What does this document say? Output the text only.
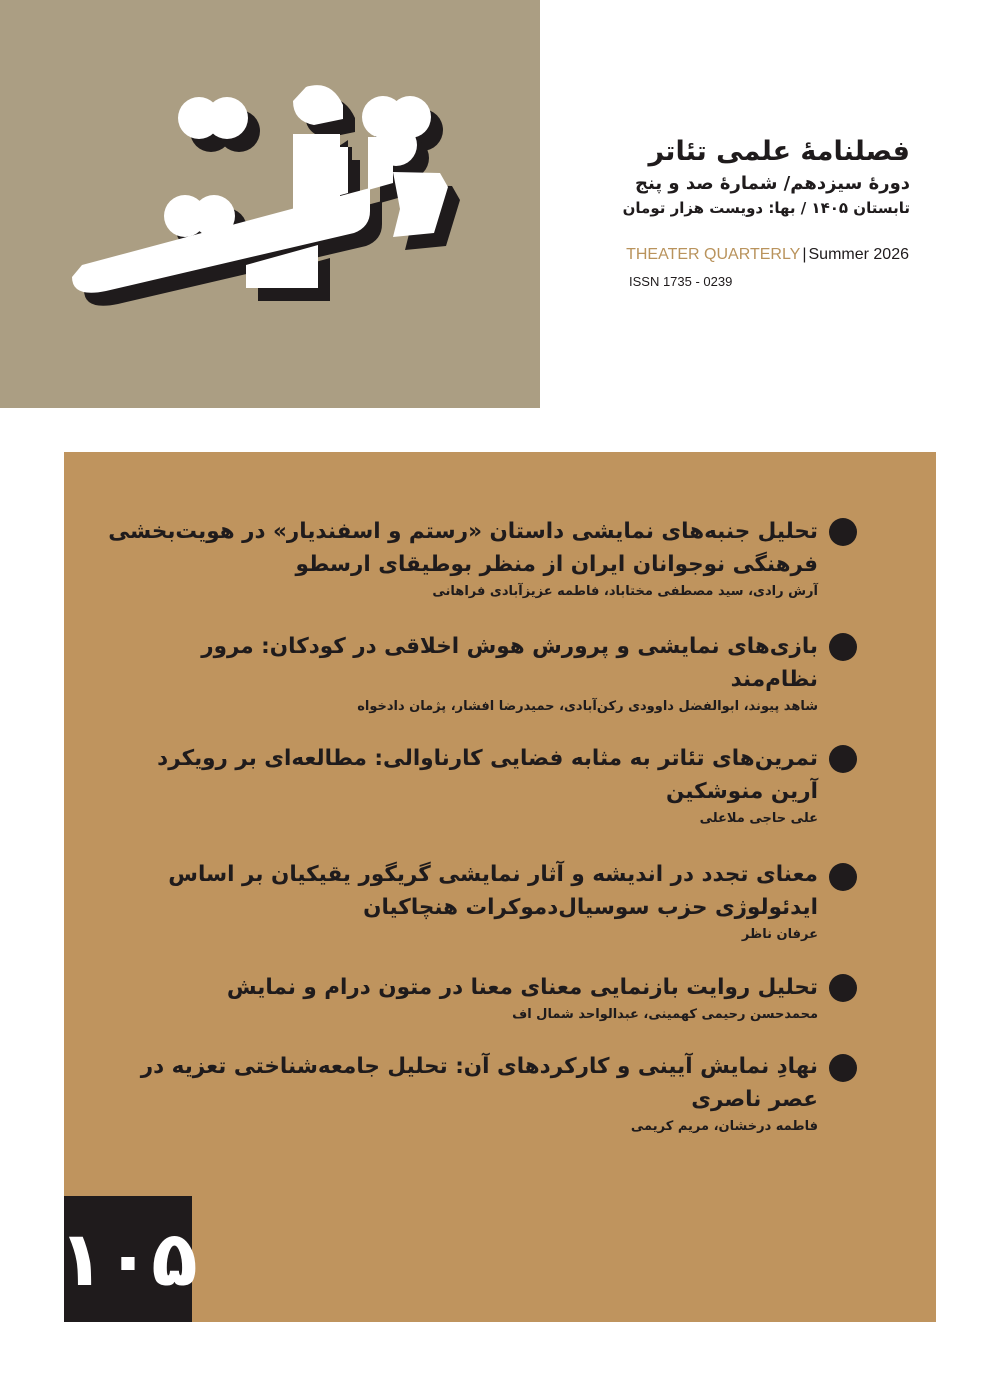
فصلنامهٔ علمی تئاتر
دورهٔ سیزدهم/ شمارهٔ صد و پنج
تابستان ۱۴۰۵ / بها: دویست هزار تومان
THEATER QUARTERLY | Summer 2026
ISSN 1735 - 0239

تحلیل جنبه‌های نمایشی داستان «رستم و اسفندیار» در هویت‌بخشی فرهنگی نوجوانان ایران از منظر بوطیقای ارسطو

آرش رادی، سید مصطفی مختاباد، فاطمه عزیزآبادی فراهانی

بازی‌های نمایشی و پرورش هوش اخلاقی در کودکان: مرور نظام‌مند

شاهد پیوند، ابوالفضل داوودی رکن‌آبادی، حمیدرضا افشار، پژمان دادخواه

تمرین‌های تئاتر به مثابه فضایی کارناوالی: مطالعه‌ای بر رویکرد آرین منوشکین

علی حاجی ملاعلی

معنای تجدد در اندیشه و آثار نمایشی گریگور یقیکیان بر اساس ایدئولوژی حزب سوسیال‌دموکرات هنچاکیان

عرفان ناظر

تحلیل روایت بازنمایی معنای معنا در متون درام و نمایش

محمدحسن رحیمی کهمینی، عبدالواحد شمال اف

نهادِ نمایش آیینی و کارکردهای آن: تحلیل جامعه‌شناختی تعزیه در عصر ناصری

فاطمه درخشان، مریم کریمی

۱۰۵
